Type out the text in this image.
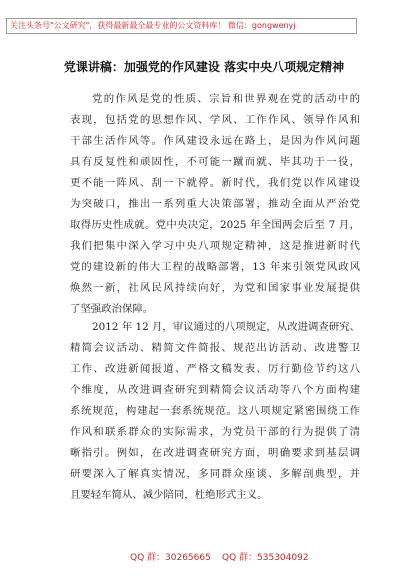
关注头条号"公文研究"，获得最新最全最专业的公文资料库！ 微信：gongwenyj
党课讲稿：加强党的作风建设 落实中央八项规定精神
党的作风是党的性质、宗旨和世界观在党的活动中的
表现，包括党的思想作风、学风、工作作风、领导作风和
干部生活作风等。作风建设永远在路上，是因为作风问题
具有反复性和顽固性，不可能一蹴而就、毕其功于一役，
更不能一阵风、刮一下就停。新时代，我们党以作风建设
为突破口，推出一系列重大决策部署，推动全面从严治党
取得历史性成就。党中央决定，2025 年全国两会后至 7 月，
我们把集中深入学习中央八项规定精神，这是推进新时代
党的建设新的伟大工程的战略部署，13 年来引领党风政风
焕然一新，社风民风持续向好，为党和国家事业发展提供
了坚强政治保障。
2012 年 12 月，审议通过的八项规定，从改进调查研究、
精简会议活动、精简文件简报、规范出访活动、改进警卫
工作、改进新闻报道、严格文稿发表、厉行勤俭节约这八
个维度，从改进调查研究到精简会议活动等八个方面构建
系统规范，构建起一套系统规范。这八项规定紧密围绕工作
作风和联系群众的实际需求，为党员干部的行为提供了清
晰指引。例如，在改进调查研究方面，明确要求到基层调
研要深入了解真实情况，多同群众座谈、多解剖典型，并
且要轻车简从、减少陪同，杜绝形式主义。
QQ 群：30265665 QQ 群：535304092
